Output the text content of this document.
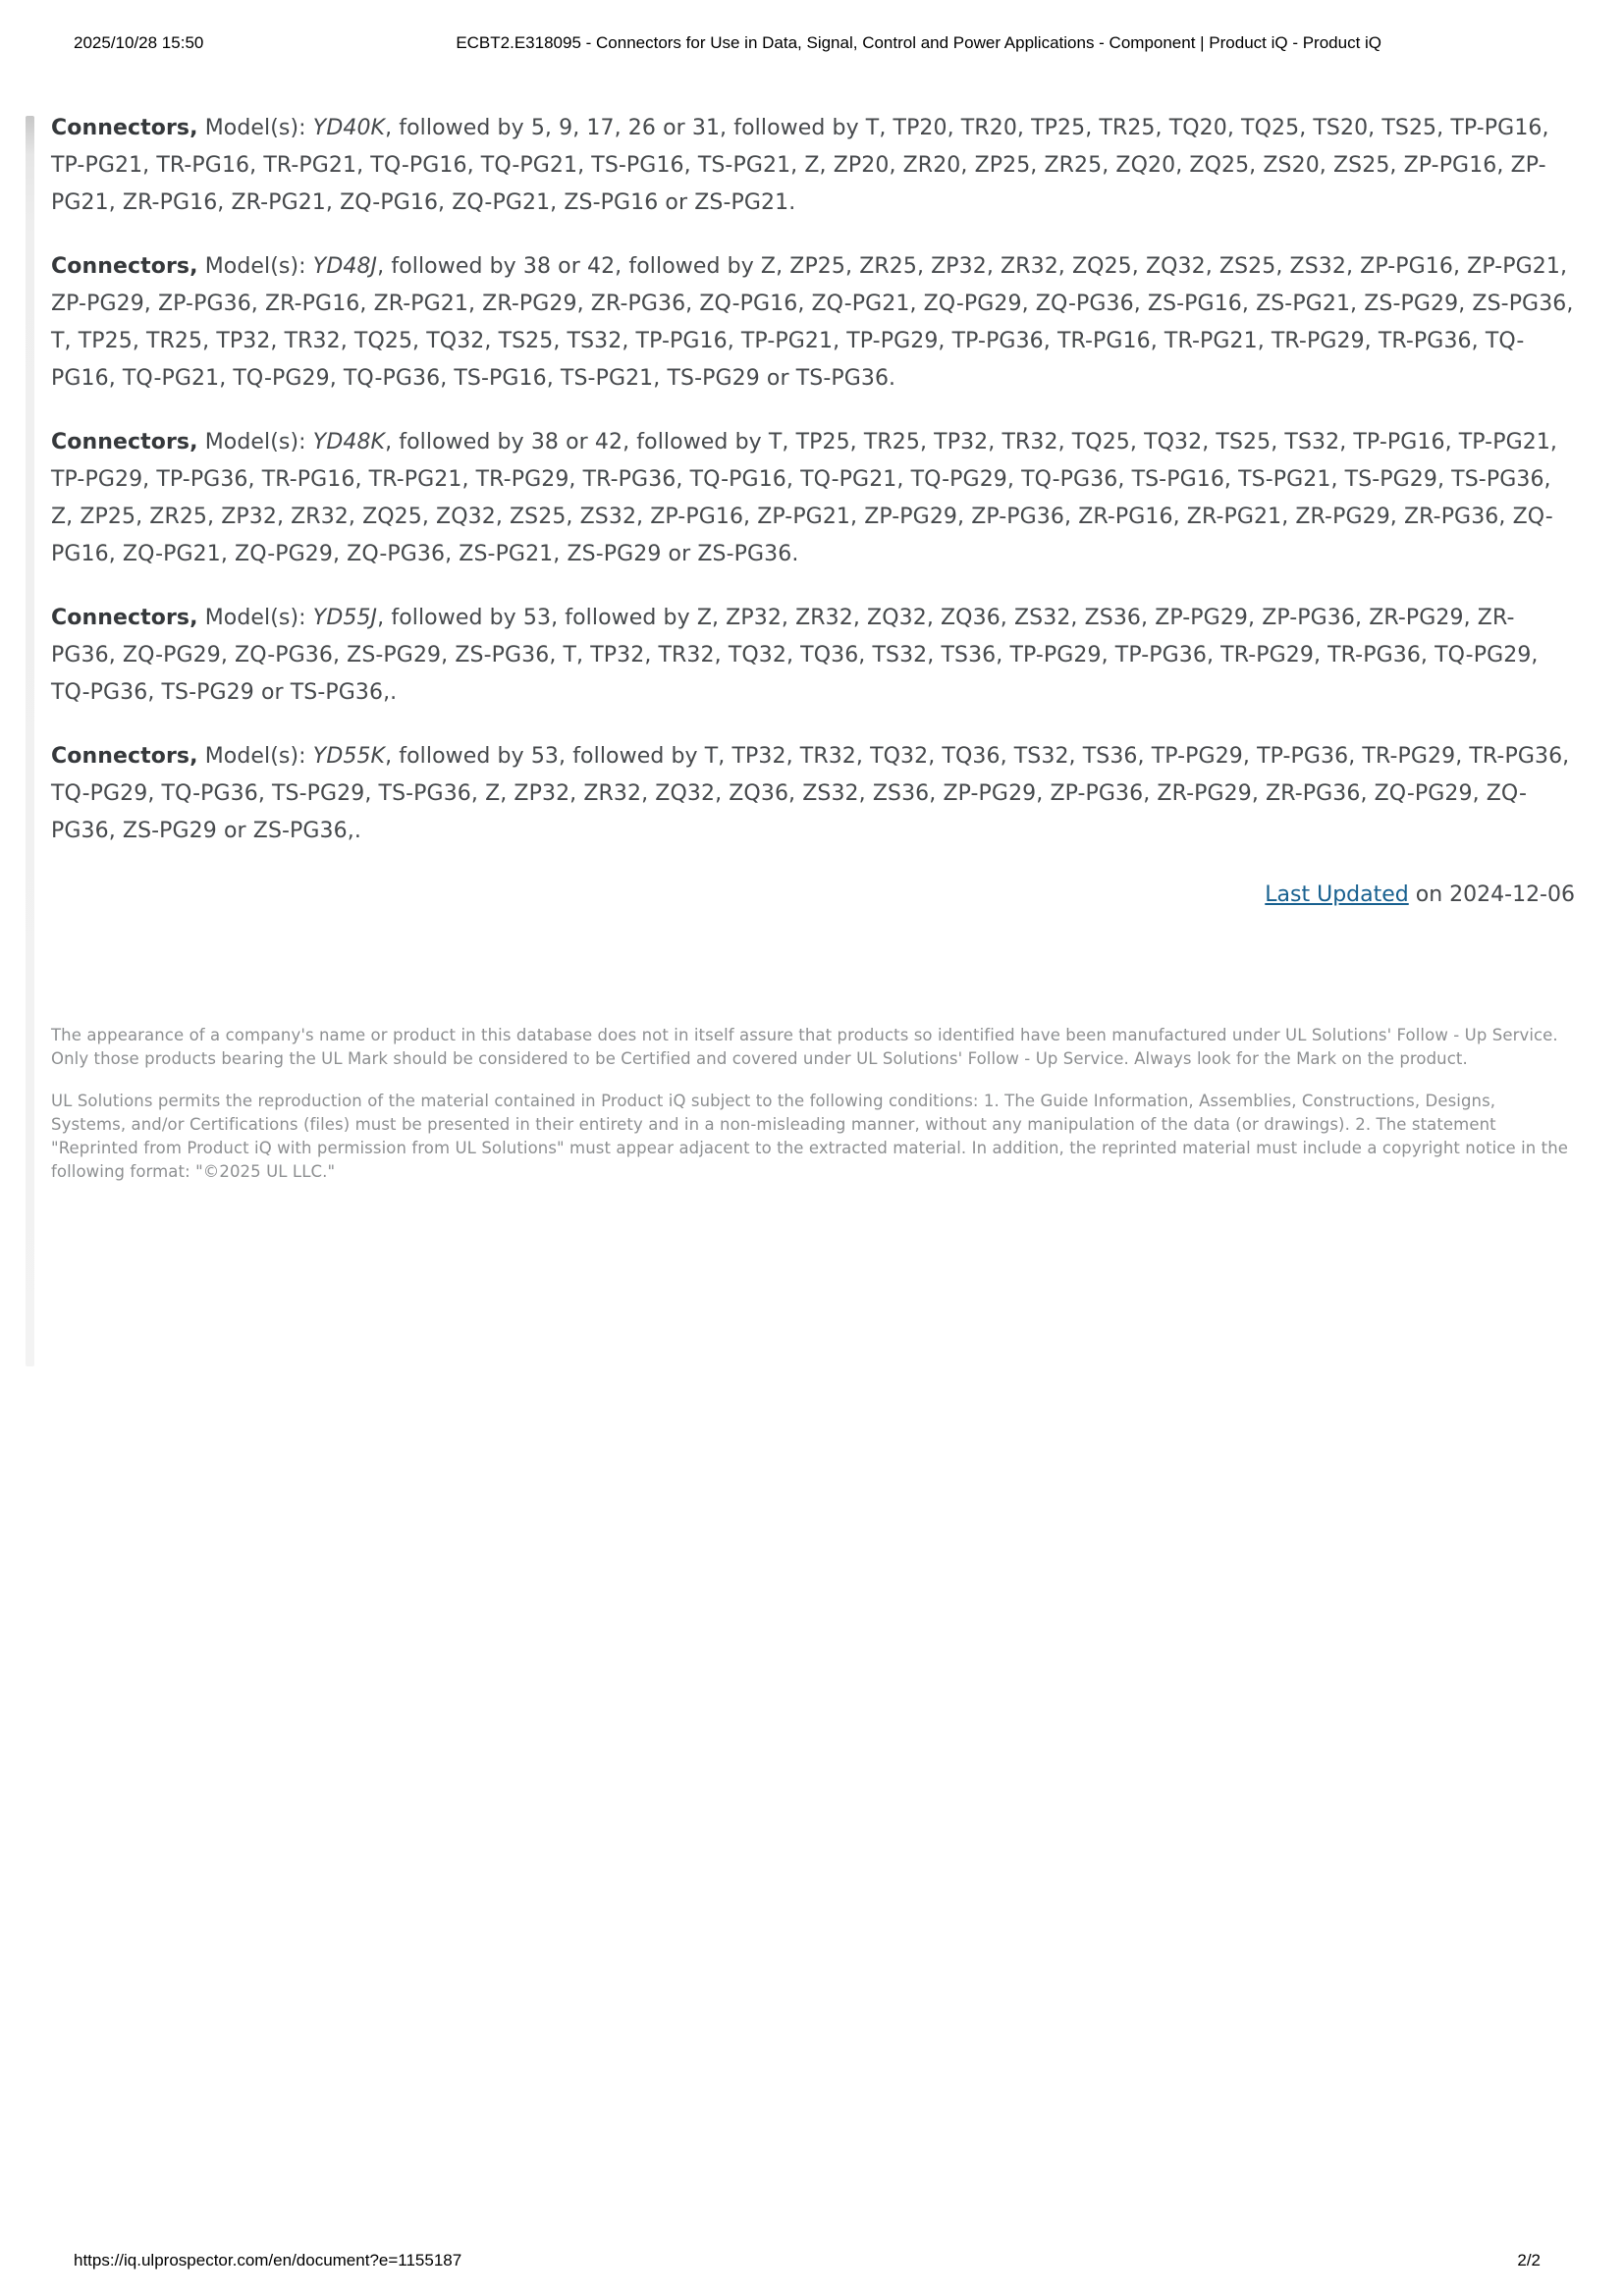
2025/10/28 15:50	ECBT2.E318095 - Connectors for Use in Data, Signal, Control and Power Applications - Component | Product iQ - Product iQ

Connectors, Model(s): YD40K, followed by 5, 9, 17, 26 or 31, followed by T, TP20, TR20, TP25, TR25, TQ20, TQ25, TS20, TS25, TP-PG16, TP-PG21, TR-PG16, TR-PG21, TQ-PG16, TQ-PG21, TS-PG16, TS-PG21, Z, ZP20, ZR20, ZP25, ZR25, ZQ20, ZQ25, ZS20, ZS25, ZP-PG16, ZP-PG21, ZR-PG16, ZR-PG21, ZQ-PG16, ZQ-PG21, ZS-PG16 or ZS-PG21.

Connectors, Model(s): YD48J, followed by 38 or 42, followed by Z, ZP25, ZR25, ZP32, ZR32, ZQ25, ZQ32, ZS25, ZS32, ZP-PG16, ZP-PG21, ZP-PG29, ZP-PG36, ZR-PG16, ZR-PG21, ZR-PG29, ZR-PG36, ZQ-PG16, ZQ-PG21, ZQ-PG29, ZQ-PG36, ZS-PG16, ZS-PG21, ZS-PG29, ZS-PG36, T, TP25, TR25, TP32, TR32, TQ25, TQ32, TS25, TS32, TP-PG16, TP-PG21, TP-PG29, TP-PG36, TR-PG16, TR-PG21, TR-PG29, TR-PG36, TQ-PG16, TQ-PG21, TQ-PG29, TQ-PG36, TS-PG16, TS-PG21, TS-PG29 or TS-PG36.

Connectors, Model(s): YD48K, followed by 38 or 42, followed by T, TP25, TR25, TP32, TR32, TQ25, TQ32, TS25, TS32, TP-PG16, TP-PG21, TP-PG29, TP-PG36, TR-PG16, TR-PG21, TR-PG29, TR-PG36, TQ-PG16, TQ-PG21, TQ-PG29, TQ-PG36, TS-PG16, TS-PG21, TS-PG29, TS-PG36, Z, ZP25, ZR25, ZP32, ZR32, ZQ25, ZQ32, ZS25, ZS32, ZP-PG16, ZP-PG21, ZP-PG29, ZP-PG36, ZR-PG16, ZR-PG21, ZR-PG29, ZR-PG36, ZQ-PG16, ZQ-PG21, ZQ-PG29, ZQ-PG36, ZS-PG21, ZS-PG29 or ZS-PG36.

Connectors, Model(s): YD55J, followed by 53, followed by Z, ZP32, ZR32, ZQ32, ZQ36, ZS32, ZS36, ZP-PG29, ZP-PG36, ZR-PG29, ZR-PG36, ZQ-PG29, ZQ-PG36, ZS-PG29, ZS-PG36, T, TP32, TR32, TQ32, TQ36, TS32, TS36, TP-PG29, TP-PG36, TR-PG29, TR-PG36, TQ-PG29, TQ-PG36, TS-PG29 or TS-PG36,.

Connectors, Model(s): YD55K, followed by 53, followed by T, TP32, TR32, TQ32, TQ36, TS32, TS36, TP-PG29, TP-PG36, TR-PG29, TR-PG36, TQ-PG29, TQ-PG36, TS-PG29, TS-PG36, Z, ZP32, ZR32, ZQ32, ZQ36, ZS32, ZS36, ZP-PG29, ZP-PG36, ZR-PG29, ZR-PG36, ZQ-PG29, ZQ-PG36, ZS-PG29 or ZS-PG36,.

Last Updated on 2024-12-06

The appearance of a company's name or product in this database does not in itself assure that products so identified have been manufactured under UL Solutions' Follow - Up Service. Only those products bearing the UL Mark should be considered to be Certified and covered under UL Solutions' Follow - Up Service. Always look for the Mark on the product.

UL Solutions permits the reproduction of the material contained in Product iQ subject to the following conditions: 1. The Guide Information, Assemblies, Constructions, Designs, Systems, and/or Certifications (files) must be presented in their entirety and in a non-misleading manner, without any manipulation of the data (or drawings). 2. The statement "Reprinted from Product iQ with permission from UL Solutions" must appear adjacent to the extracted material. In addition, the reprinted material must include a copyright notice in the following format: "©2025 UL LLC."

https://iq.ulprospector.com/en/document?e=1155187	2/2
